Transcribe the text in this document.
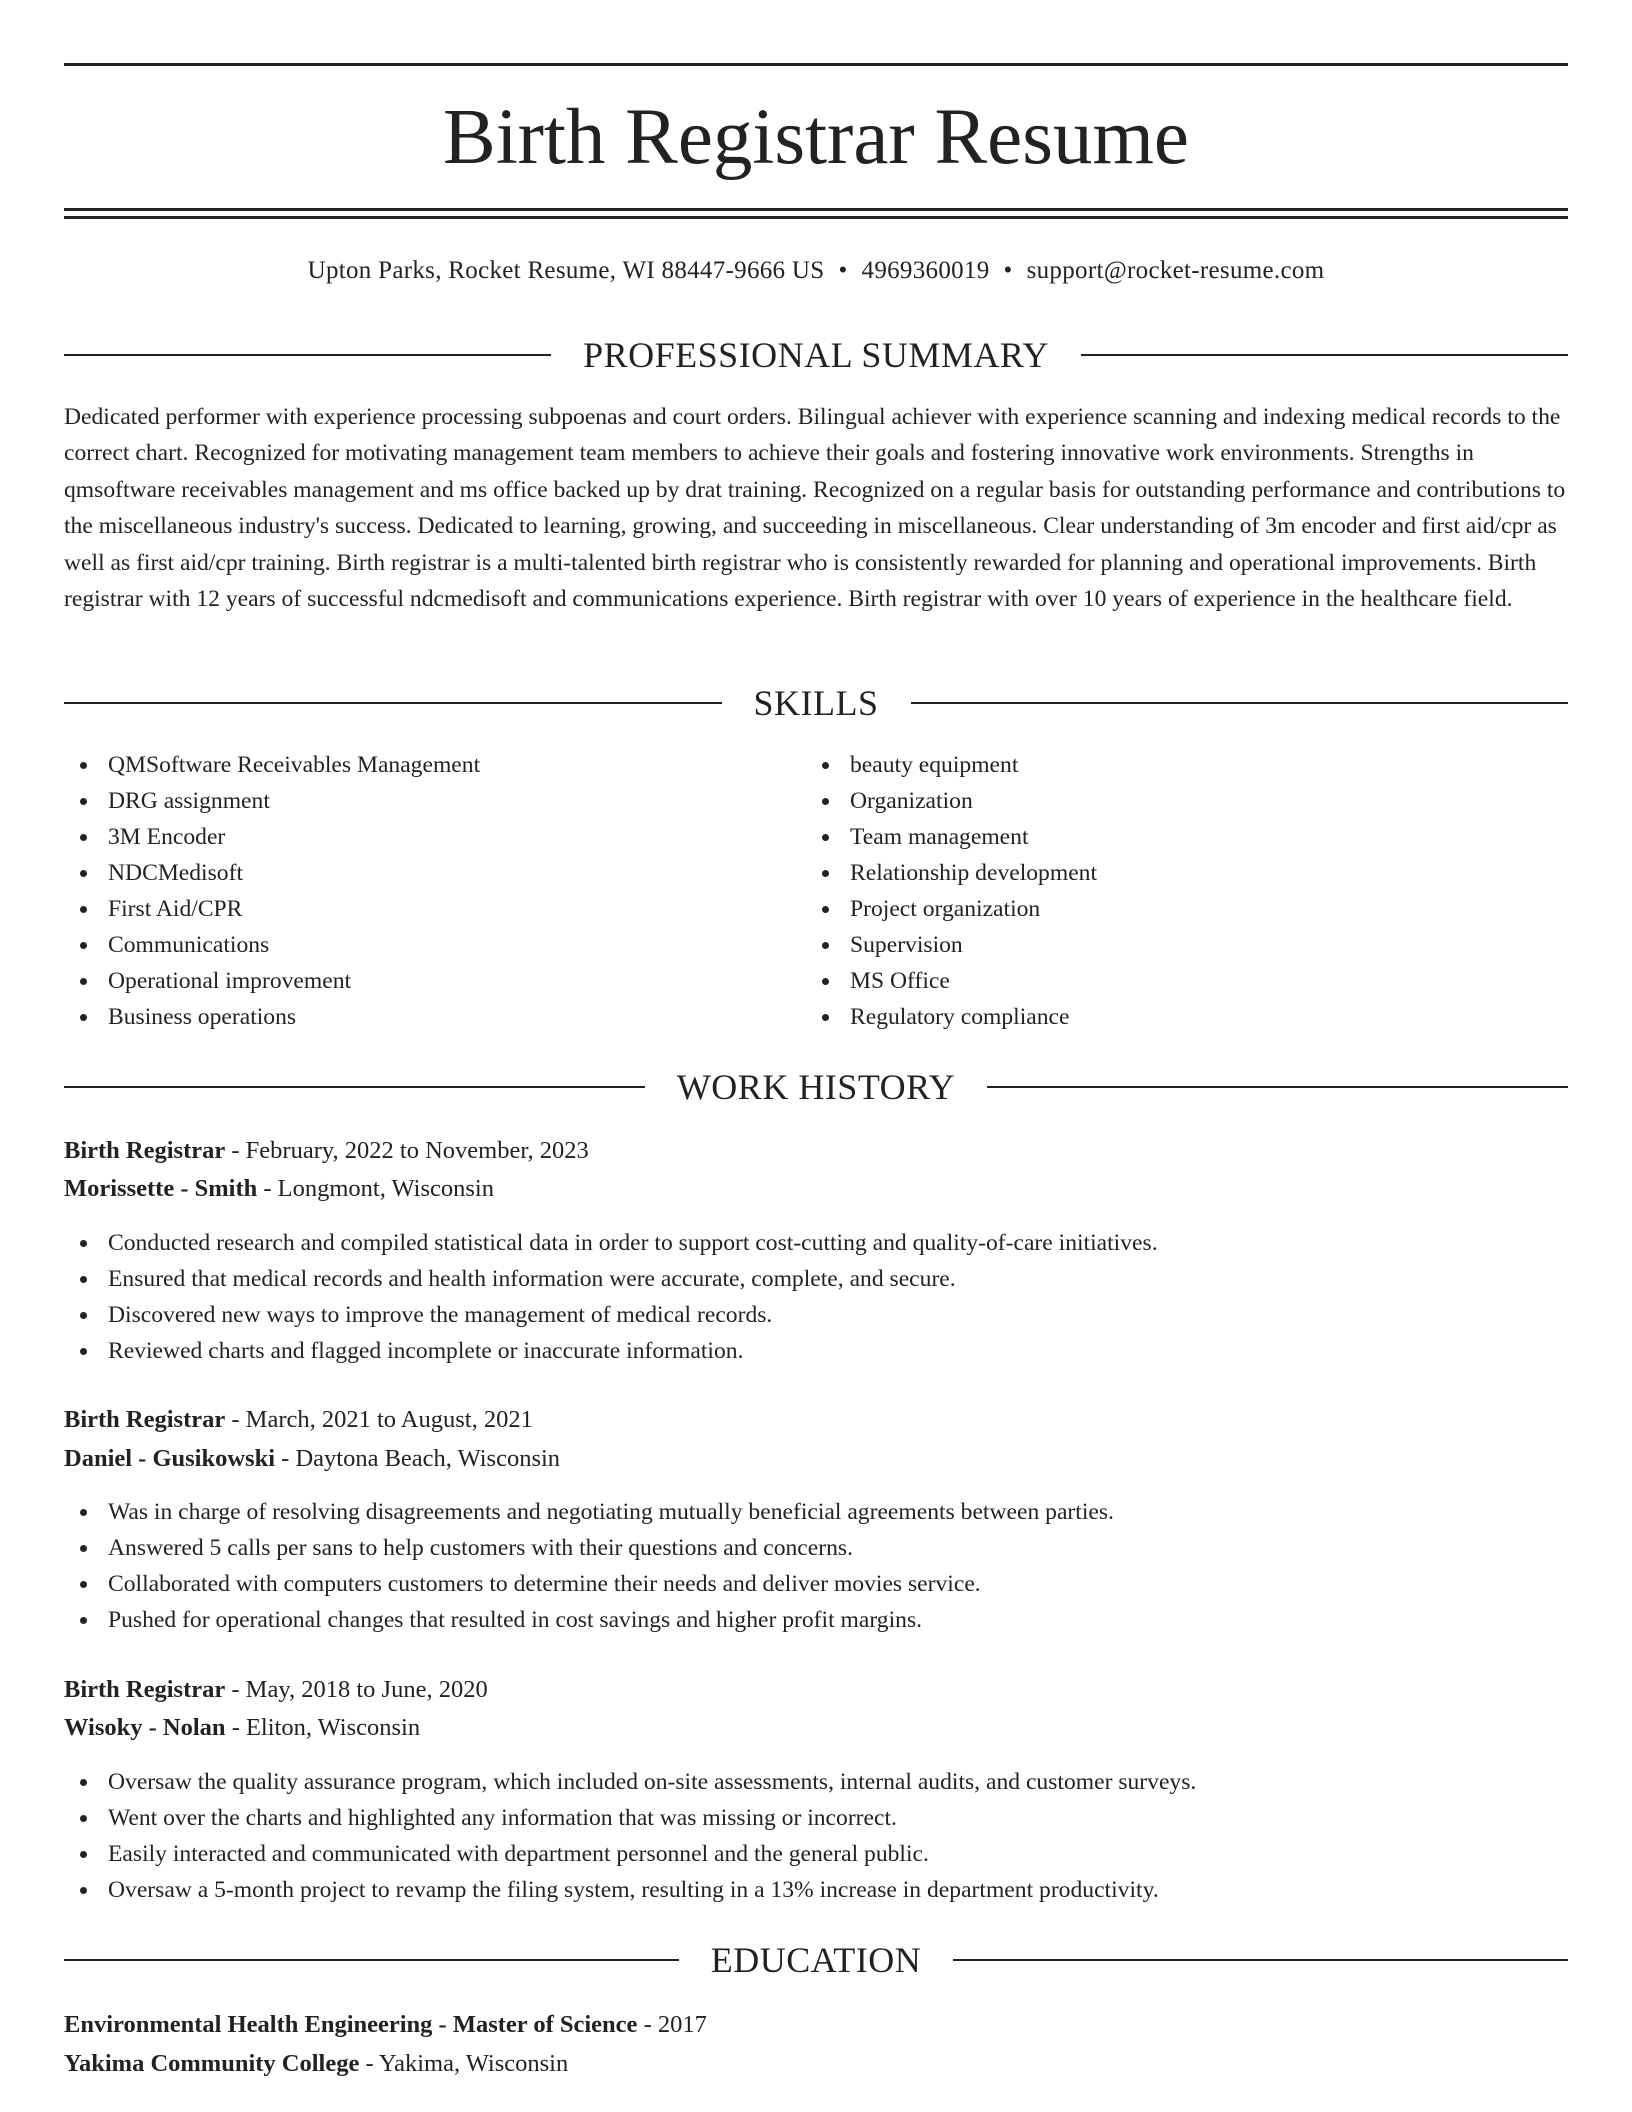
Birth Registrar Resume
Upton Parks, Rocket Resume, WI 88447-9666 US • 4969360019 • support@rocket-resume.com
PROFESSIONAL SUMMARY

Dedicated performer with experience processing subpoenas and court orders. Bilingual achiever with experience scanning and indexing medical records to the correct chart. Recognized for motivating management team members to achieve their goals and fostering innovative work environments. Strengths in qmsoftware receivables management and ms office backed up by drat training. Recognized on a regular basis for outstanding performance and contributions to the miscellaneous industry's success. Dedicated to learning, growing, and succeeding in miscellaneous. Clear understanding of 3m encoder and first aid/cpr as well as first aid/cpr training. Birth registrar is a multi-talented birth registrar who is consistently rewarded for planning and operational improvements. Birth registrar with 12 years of successful ndcmedisoft and communications experience. Birth registrar with over 10 years of experience in the healthcare field.

SKILLS
QMSoftware Receivables Management
DRG assignment
3M Encoder
NDCMedisoft
First Aid/CPR
Communications
Operational improvement
Business operations
beauty equipment
Organization
Team management
Relationship development
Project organization
Supervision
MS Office
Regulatory compliance
WORK HISTORY
Birth Registrar - February, 2022 to November, 2023
Morissette - Smith - Longmont, Wisconsin
Conducted research and compiled statistical data in order to support cost-cutting and quality-of-care initiatives.
Ensured that medical records and health information were accurate, complete, and secure.
Discovered new ways to improve the management of medical records.
Reviewed charts and flagged incomplete or inaccurate information.
Birth Registrar - March, 2021 to August, 2021
Daniel - Gusikowski - Daytona Beach, Wisconsin
Was in charge of resolving disagreements and negotiating mutually beneficial agreements between parties.
Answered 5 calls per sans to help customers with their questions and concerns.
Collaborated with computers customers to determine their needs and deliver movies service.
Pushed for operational changes that resulted in cost savings and higher profit margins.
Birth Registrar - May, 2018 to June, 2020
Wisoky - Nolan - Eliton, Wisconsin
Oversaw the quality assurance program, which included on-site assessments, internal audits, and customer surveys.
Went over the charts and highlighted any information that was missing or incorrect.
Easily interacted and communicated with department personnel and the general public.
Oversaw a 5-month project to revamp the filing system, resulting in a 13% increase in department productivity.
EDUCATION
Environmental Health Engineering - Master of Science - 2017
Yakima Community College - Yakima, Wisconsin
